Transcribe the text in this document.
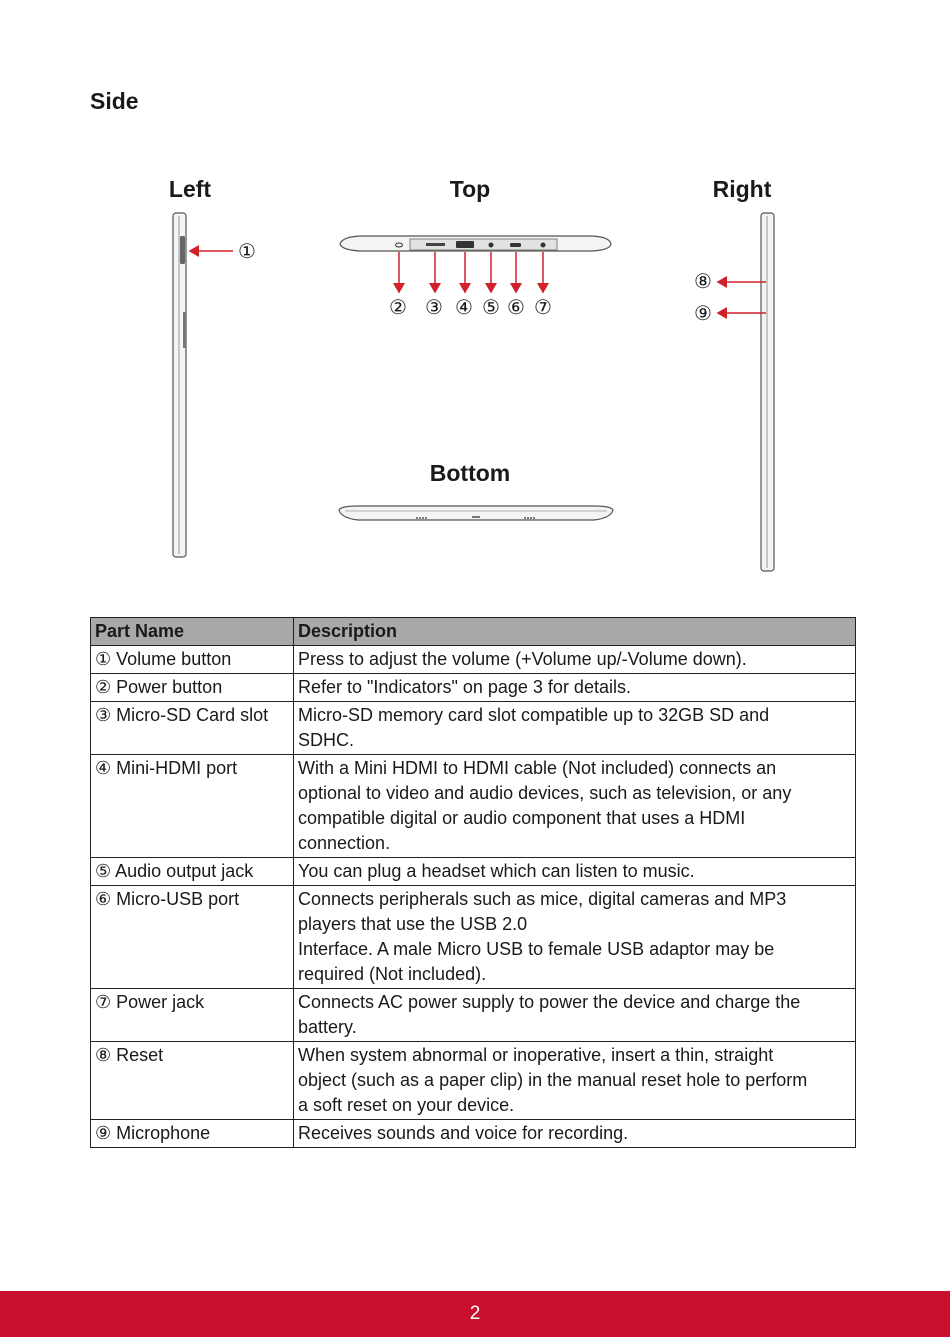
Side
Left	Top	Right
Bottom
①
② ③ ④ ⑤ ⑥ ⑦
⑧
⑨
Part Name	Description
① Volume button	Press to adjust the volume (+Volume up/-Volume down).

② Power button	Refer to "Indicators" on page 3 for details.

③ Micro-SD Card slot	Micro-SD memory card slot compatible up to 32GB SD and
SDHC.

④ Mini-HDMI port	With a Mini HDMI to HDMI cable (Not included) connects an
optional to video and audio devices, such as television, or any
compatible digital or audio component that uses a HDMI
connection.

⑤ Audio output jack	You can plug a headset which can listen to music.

⑥ Micro-USB port	Connects peripherals such as mice, digital cameras and MP3
players that use the USB 2.0
Interface. A male Micro USB to female USB adaptor may be
required (Not included).

⑦ Power jack	Connects AC power supply to power the device and charge the
battery.

⑧ Reset	When system abnormal or inoperative, insert a thin, straight
object (such as a paper clip) in the manual reset hole to perform
a soft reset on your device.

⑨ Microphone	Receives sounds and voice for recording.
2
